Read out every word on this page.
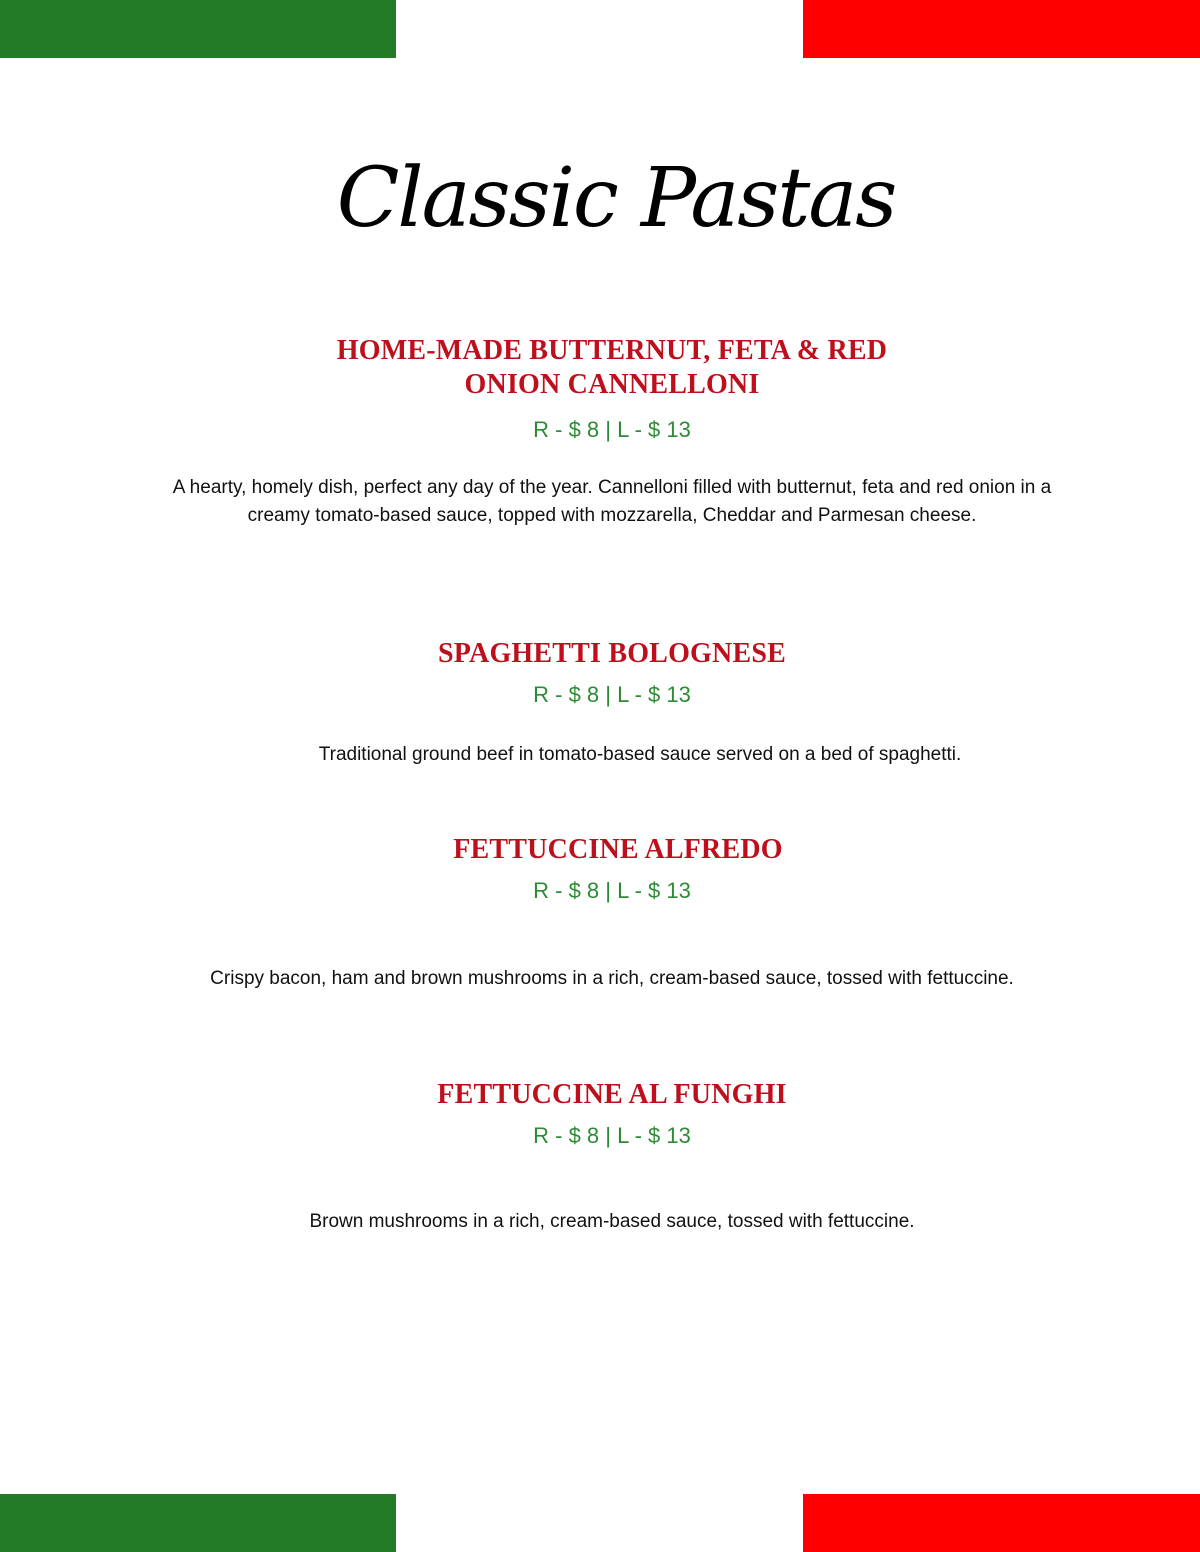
Classic Pastas
HOME-MADE BUTTERNUT, FETA & RED
ONION CANNELLONI
R - $ 8 | L - $ 13
A hearty, homely dish, perfect any day of the year. Cannelloni filled with butternut, feta and red onion in a creamy tomato-based sauce, topped with mozzarella, Cheddar and Parmesan cheese.
SPAGHETTI BOLOGNESE
R - $ 8 | L - $ 13
Traditional ground beef in tomato-based sauce served on a bed of spaghetti.
FETTUCCINE ALFREDO
R - $ 8 | L - $ 13
Crispy bacon, ham and brown mushrooms in a rich, cream-based sauce, tossed with fettuccine.
FETTUCCINE AL FUNGHI
R - $ 8 | L - $ 13
Brown mushrooms in a rich, cream-based sauce, tossed with fettuccine.
